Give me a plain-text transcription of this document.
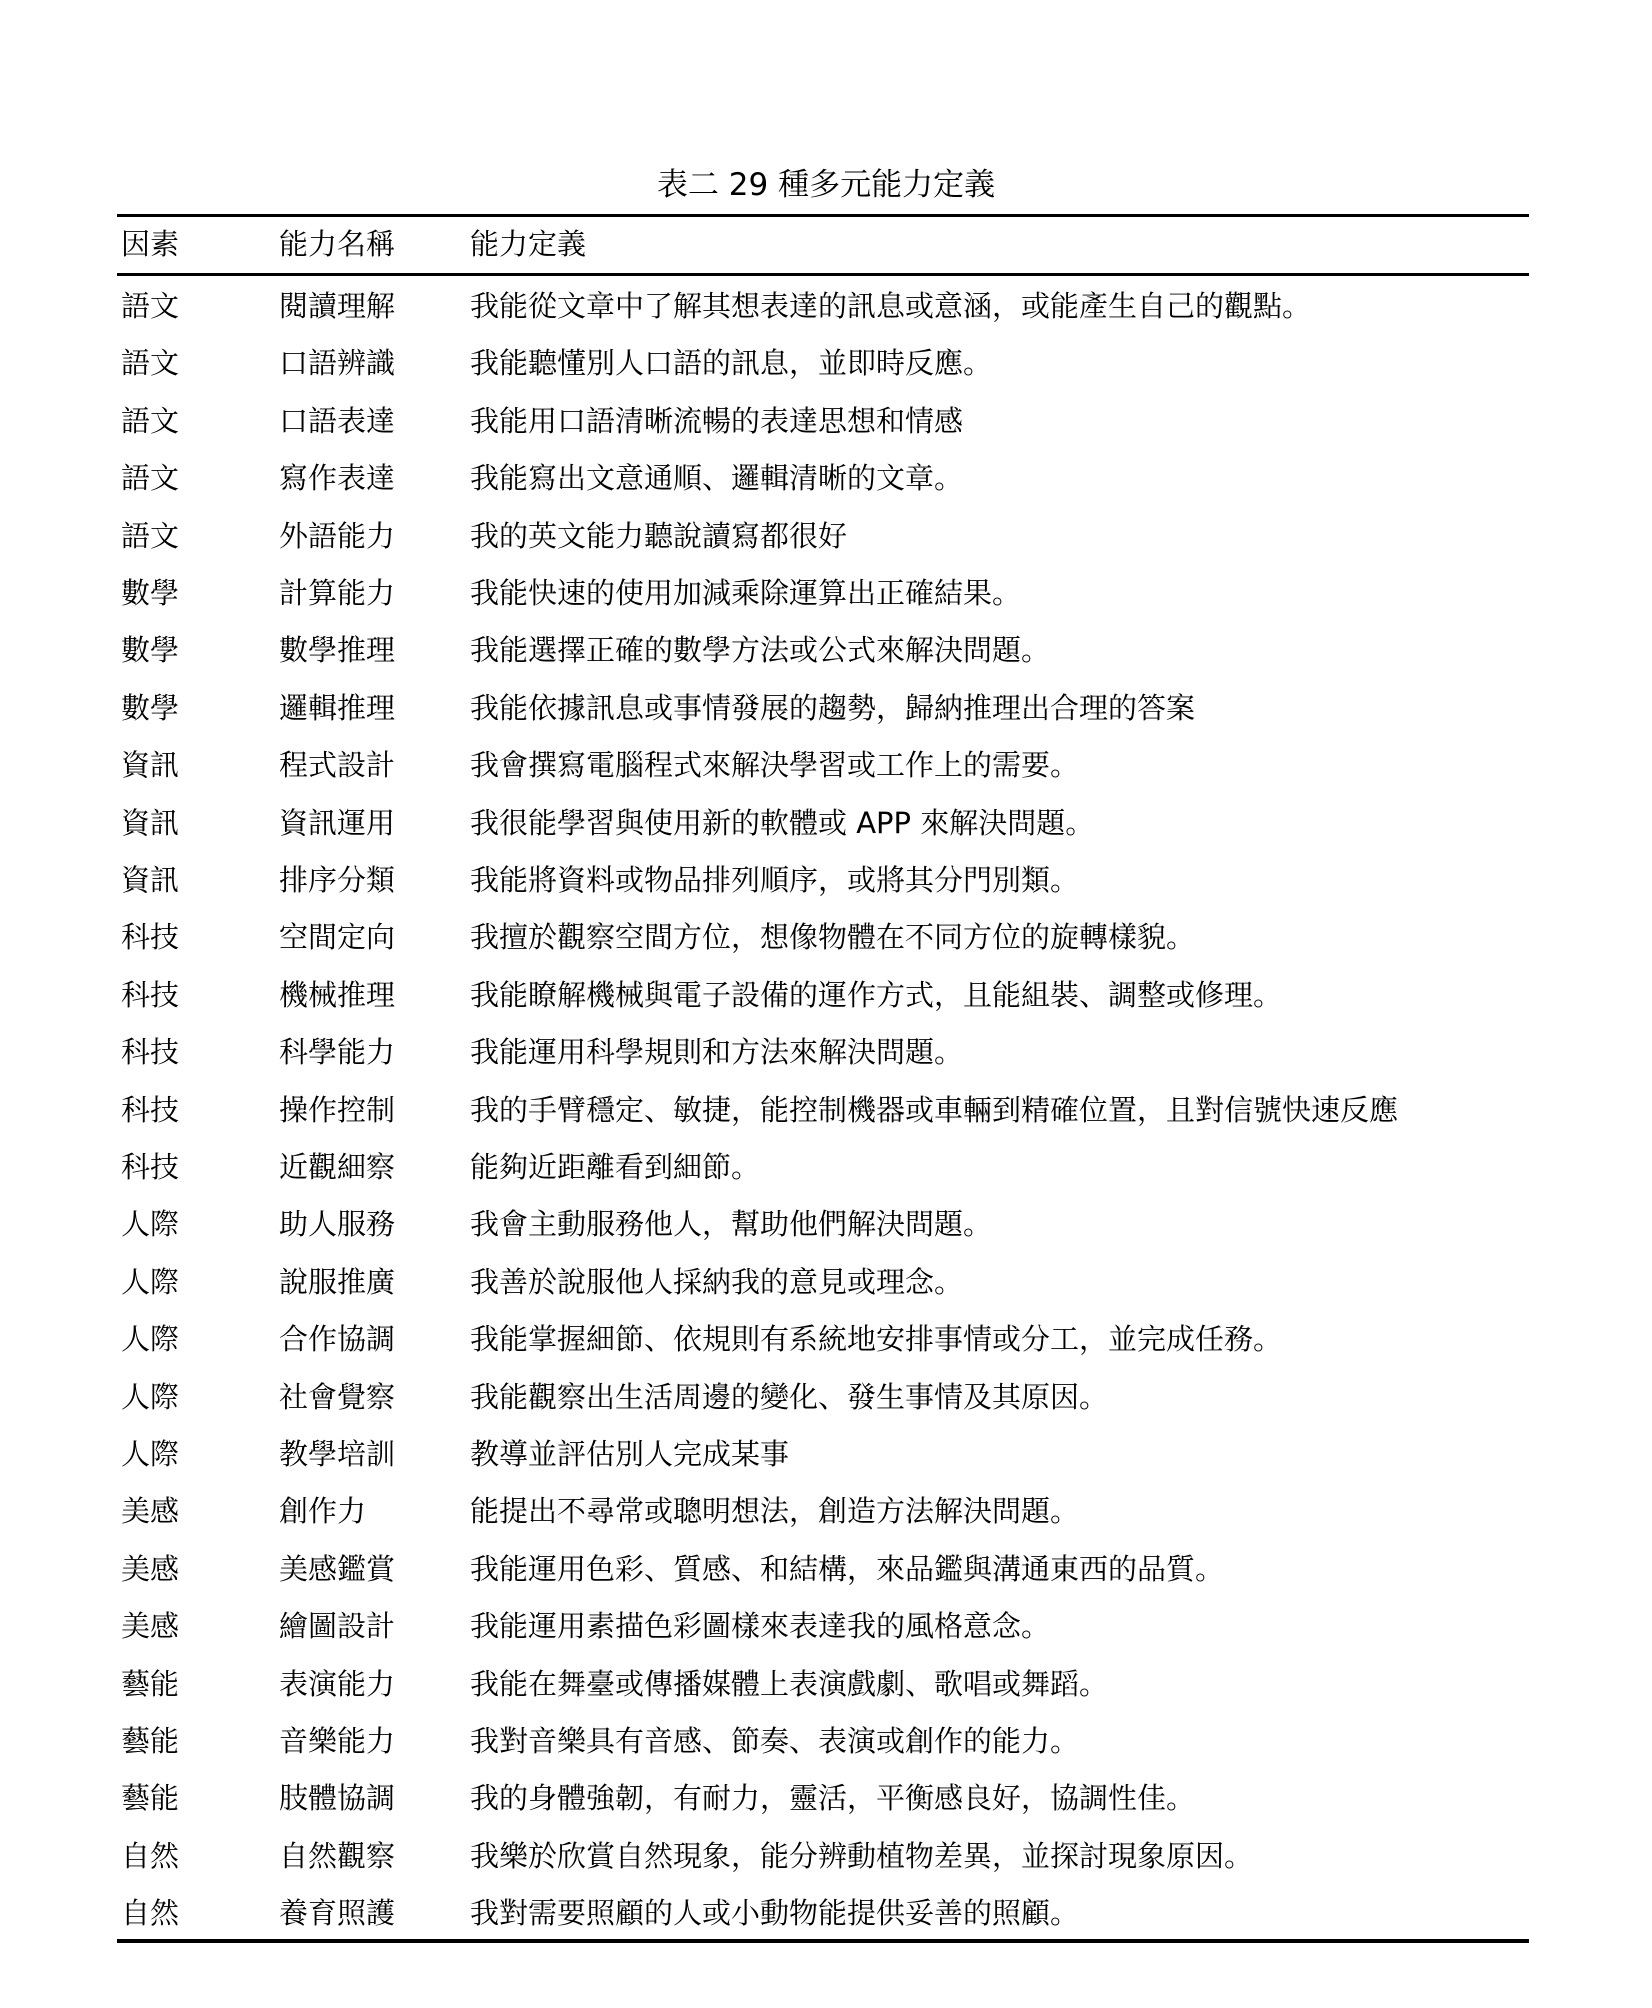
表二 29 種多元能力定義
因素	能力名稱	能力定義
語文	閱讀理解	我能從文章中了解其想表達的訊息或意涵，或能產生自己的觀點。
語文	口語辨識	我能聽懂別人口語的訊息，並即時反應。
語文	口語表達	我能用口語清晰流暢的表達思想和情感
語文	寫作表達	我能寫出文意通順、邏輯清晰的文章。
語文	外語能力	我的英文能力聽說讀寫都很好
數學	計算能力	我能快速的使用加減乘除運算出正確結果。
數學	數學推理	我能選擇正確的數學方法或公式來解決問題。
數學	邏輯推理	我能依據訊息或事情發展的趨勢，歸納推理出合理的答案
資訊	程式設計	我會撰寫電腦程式來解決學習或工作上的需要。
資訊	資訊運用	我很能學習與使用新的軟體或 APP 來解決問題。
資訊	排序分類	我能將資料或物品排列順序，或將其分門別類。
科技	空間定向	我擅於觀察空間方位，想像物體在不同方位的旋轉樣貌。
科技	機械推理	我能瞭解機械與電子設備的運作方式，且能組裝、調整或修理。
科技	科學能力	我能運用科學規則和方法來解決問題。
科技	操作控制	我的手臂穩定、敏捷，能控制機器或車輛到精確位置，且對信號快速反應
科技	近觀細察	能夠近距離看到細節。
人際	助人服務	我會主動服務他人，幫助他們解決問題。
人際	說服推廣	我善於說服他人採納我的意見或理念。
人際	合作協調	我能掌握細節、依規則有系統地安排事情或分工，並完成任務。
人際	社會覺察	我能觀察出生活周邊的變化、發生事情及其原因。
人際	教學培訓	教導並評估別人完成某事
美感	創作力	能提出不尋常或聰明想法，創造方法解決問題。
美感	美感鑑賞	我能運用色彩、質感、和結構，來品鑑與溝通東西的品質。
美感	繪圖設計	我能運用素描色彩圖樣來表達我的風格意念。
藝能	表演能力	我能在舞臺或傳播媒體上表演戲劇、歌唱或舞蹈。
藝能	音樂能力	我對音樂具有音感、節奏、表演或創作的能力。
藝能	肢體協調	我的身體強韌，有耐力，靈活，平衡感良好，協調性佳。
自然	自然觀察	我樂於欣賞自然現象，能分辨動植物差異，並探討現象原因。
自然	養育照護	我對需要照顧的人或小動物能提供妥善的照顧。
